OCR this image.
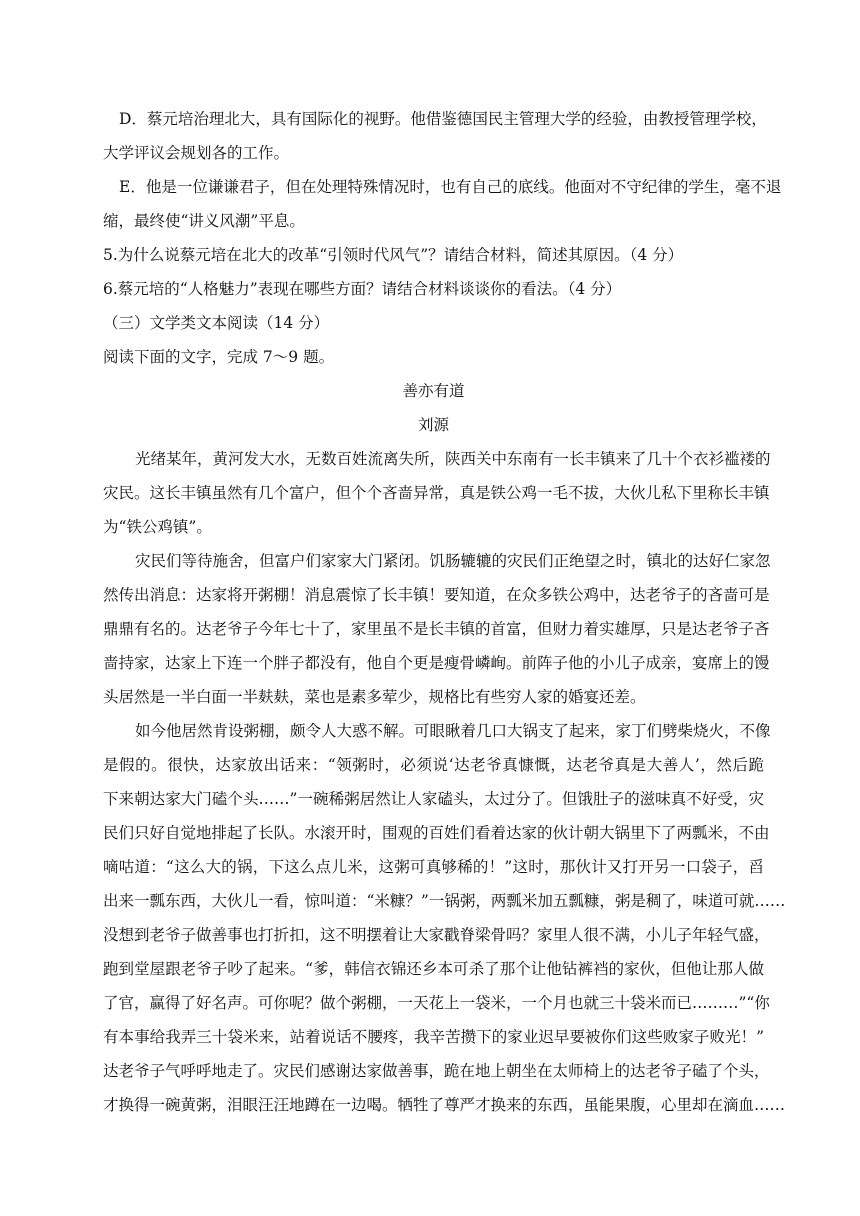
D．蔡元培治理北大，具有国际化的视野。他借鉴德国民主管理大学的经验，由教授管理学校，
大学评议会规划各的工作。
E．他是一位谦谦君子，但在处理特殊情况时，也有自己的底线。他面对不守纪律的学生，毫不退
缩，最终使“讲义风潮”平息。
5.为什么说蔡元培在北大的改革“引领时代风气”？请结合材料，简述其原因。（4 分）
6.蔡元培的“人格魅力”表现在哪些方面？请结合材料谈谈你的看法。（4 分）
（三）文学类文本阅读（14 分）
阅读下面的文字，完成 7～9 题。
善亦有道
刘源
光绪某年，黄河发大水，无数百姓流离失所，陕西关中东南有一长丰镇来了几十个衣衫褴褛的
灾民。这长丰镇虽然有几个富户，但个个吝啬异常，真是铁公鸡一毛不拔，大伙儿私下里称长丰镇
为“铁公鸡镇”。
灾民们等待施舍，但富户们家家大门紧闭。饥肠辘辘的灾民们正绝望之时，镇北的达好仁家忽
然传出消息：达家将开粥棚！消息震惊了长丰镇！要知道，在众多铁公鸡中，达老爷子的吝啬可是
鼎鼎有名的。达老爷子今年七十了，家里虽不是长丰镇的首富，但财力着实雄厚，只是达老爷子吝
啬持家，达家上下连一个胖子都没有，他自个更是瘦骨嶙峋。前阵子他的小儿子成亲，宴席上的馒
头居然是一半白面一半麸麸，菜也是素多荤少，规格比有些穷人家的婚宴还差。
如今他居然肯设粥棚，颇令人大惑不解。可眼瞅着几口大锅支了起来，家丁们劈柴烧火，不像
是假的。很快，达家放出话来：“领粥时，必须说‘达老爷真慷慨，达老爷真是大善人’，然后跪
下来朝达家大门磕个头……”一碗稀粥居然让人家磕头，太过分了。但饿肚子的滋味真不好受，灾
民们只好自觉地排起了长队。水滚开时，围观的百姓们看着达家的伙计朝大锅里下了两瓢米，不由
嘀咕道：“这么大的锅，下这么点儿米，这粥可真够稀的！”这时，那伙计又打开另一口袋子，舀
出来一瓢东西，大伙儿一看，惊叫道：“米糠？”一锅粥，两瓢米加五瓢糠，粥是稠了，味道可就……
没想到老爷子做善事也打折扣，这不明摆着让大家戳脊梁骨吗？家里人很不满，小儿子年轻气盛，
跑到堂屋跟老爷子吵了起来。“爹，韩信衣锦还乡本可杀了那个让他钻裤裆的家伙，但他让那人做
了官，赢得了好名声。可你呢？做个粥棚，一天花上一袋米，一个月也就三十袋米而已………”“你
有本事给我弄三十袋米来，站着说话不腰疼，我辛苦攒下的家业迟早要被你们这些败家子败光！”
达老爷子气呼呼地走了。灾民们感谢达家做善事，跪在地上朝坐在太师椅上的达老爷子磕了个头，
才换得一碗黄粥，泪眼汪汪地蹲在一边喝。牺牲了尊严才换来的东西，虽能果腹，心里却在滴血……
